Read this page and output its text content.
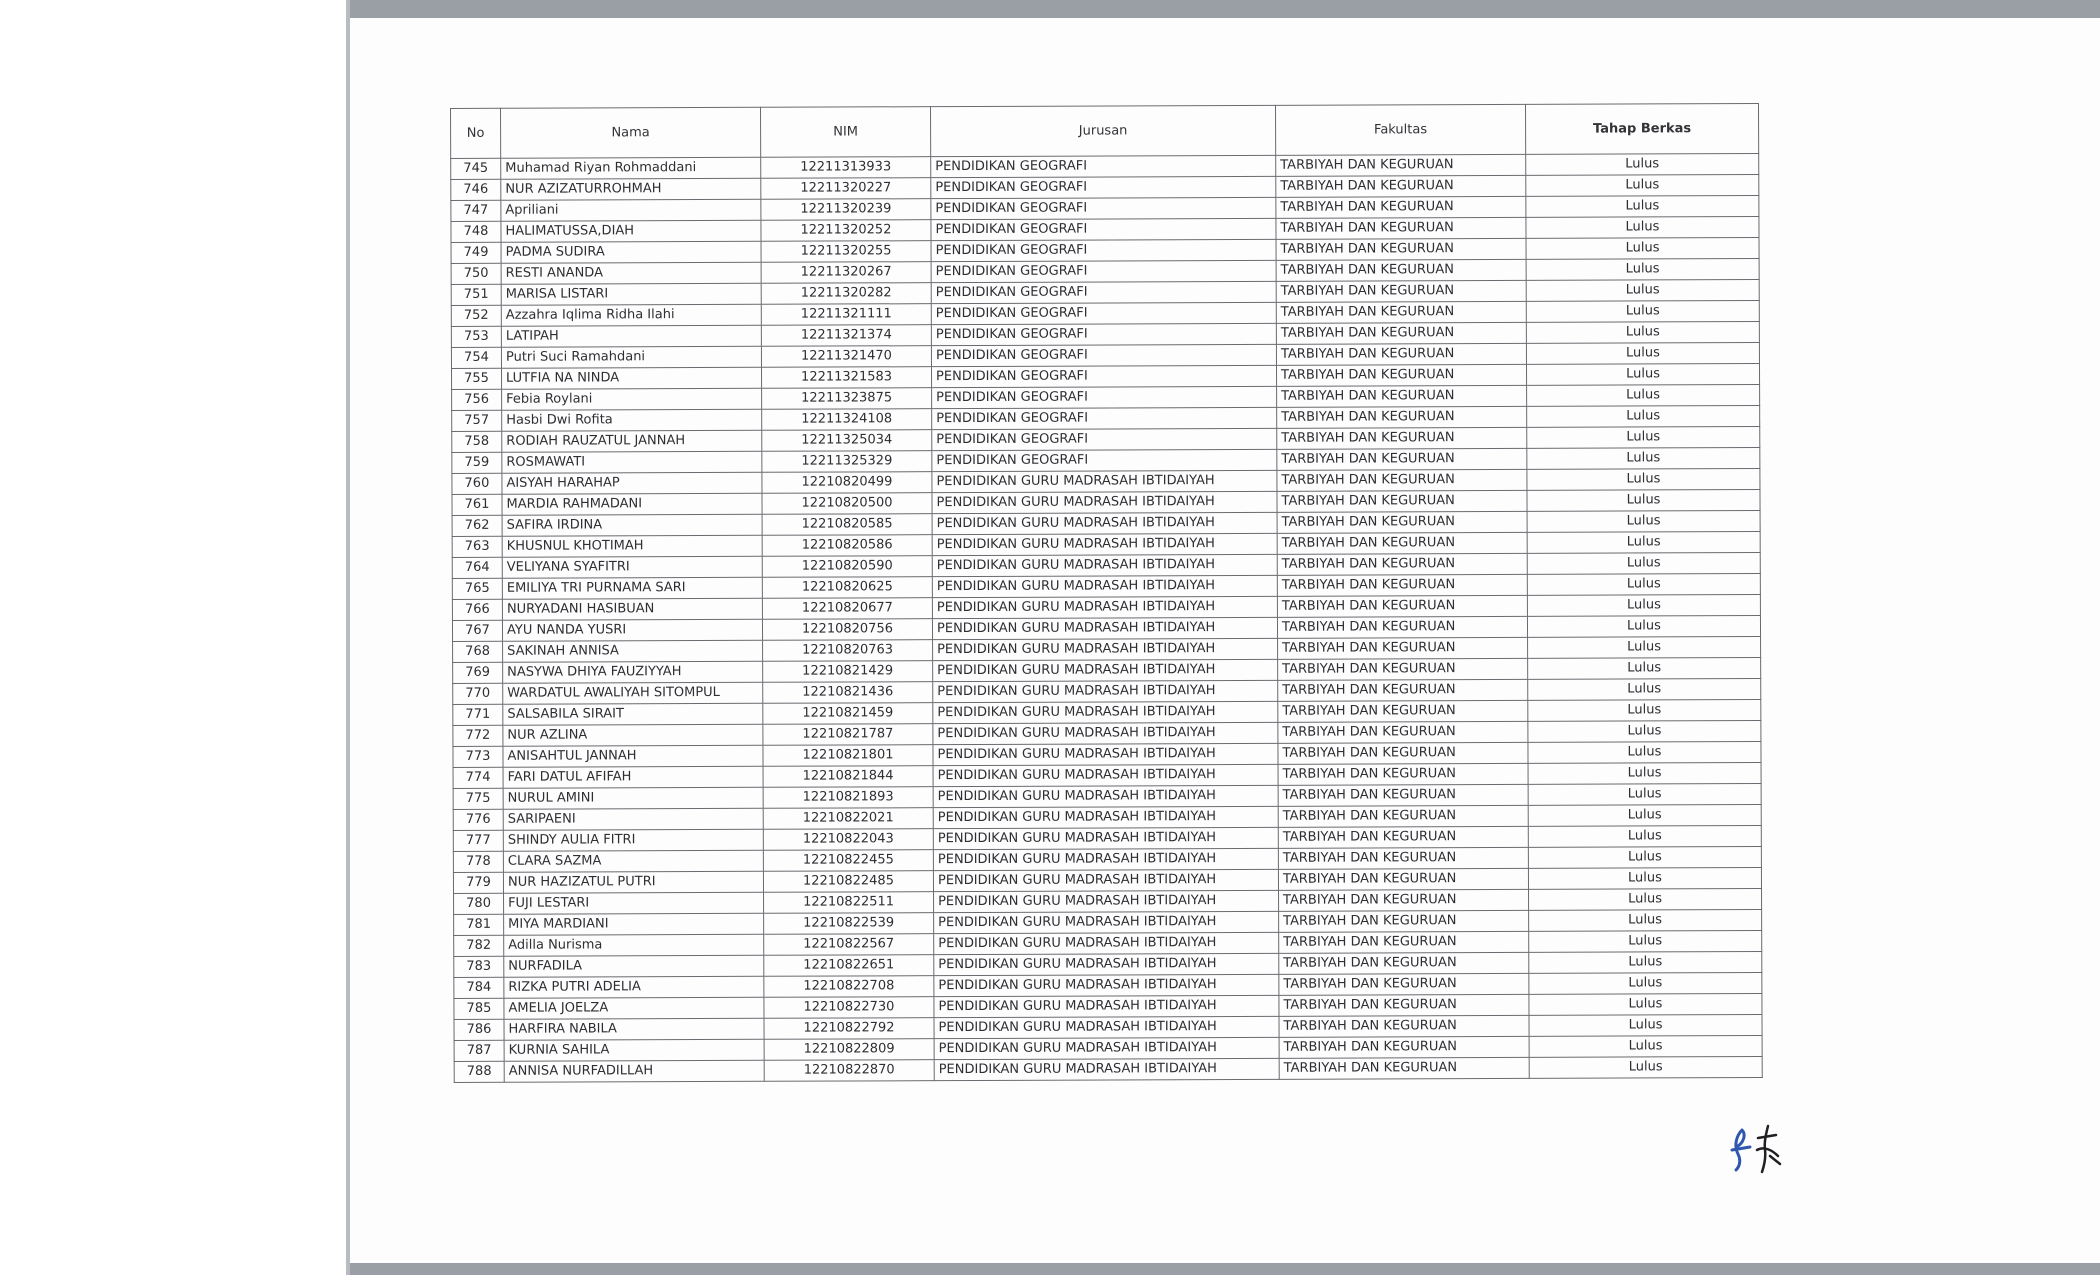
No	Nama	NIM	Jurusan	Fakultas	Tahap Berkas
745	Muhamad Riyan Rohmaddani	12211313933	PENDIDIKAN GEOGRAFI	TARBIYAH DAN KEGURUAN	Lulus
746	NUR AZIZATURROHMAH	12211320227	PENDIDIKAN GEOGRAFI	TARBIYAH DAN KEGURUAN	Lulus
747	Apriliani	12211320239	PENDIDIKAN GEOGRAFI	TARBIYAH DAN KEGURUAN	Lulus
748	HALIMATUSSA,DIAH	12211320252	PENDIDIKAN GEOGRAFI	TARBIYAH DAN KEGURUAN	Lulus
749	PADMA SUDIRA	12211320255	PENDIDIKAN GEOGRAFI	TARBIYAH DAN KEGURUAN	Lulus
750	RESTI ANANDA	12211320267	PENDIDIKAN GEOGRAFI	TARBIYAH DAN KEGURUAN	Lulus
751	MARISA LISTARI	12211320282	PENDIDIKAN GEOGRAFI	TARBIYAH DAN KEGURUAN	Lulus
752	Azzahra Iqlima Ridha Ilahi	12211321111	PENDIDIKAN GEOGRAFI	TARBIYAH DAN KEGURUAN	Lulus
753	LATIPAH	12211321374	PENDIDIKAN GEOGRAFI	TARBIYAH DAN KEGURUAN	Lulus
754	Putri Suci Ramahdani	12211321470	PENDIDIKAN GEOGRAFI	TARBIYAH DAN KEGURUAN	Lulus
755	LUTFIA NA NINDA	12211321583	PENDIDIKAN GEOGRAFI	TARBIYAH DAN KEGURUAN	Lulus
756	Febia Roylani	12211323875	PENDIDIKAN GEOGRAFI	TARBIYAH DAN KEGURUAN	Lulus
757	Hasbi Dwi Rofita	12211324108	PENDIDIKAN GEOGRAFI	TARBIYAH DAN KEGURUAN	Lulus
758	RODIAH RAUZATUL JANNAH	12211325034	PENDIDIKAN GEOGRAFI	TARBIYAH DAN KEGURUAN	Lulus
759	ROSMAWATI	12211325329	PENDIDIKAN GEOGRAFI	TARBIYAH DAN KEGURUAN	Lulus
760	AISYAH HARAHAP	12210820499	PENDIDIKAN GURU MADRASAH IBTIDAIYAH	TARBIYAH DAN KEGURUAN	Lulus
761	MARDIA RAHMADANI	12210820500	PENDIDIKAN GURU MADRASAH IBTIDAIYAH	TARBIYAH DAN KEGURUAN	Lulus
762	SAFIRA IRDINA	12210820585	PENDIDIKAN GURU MADRASAH IBTIDAIYAH	TARBIYAH DAN KEGURUAN	Lulus
763	KHUSNUL KHOTIMAH	12210820586	PENDIDIKAN GURU MADRASAH IBTIDAIYAH	TARBIYAH DAN KEGURUAN	Lulus
764	VELIYANA SYAFITRI	12210820590	PENDIDIKAN GURU MADRASAH IBTIDAIYAH	TARBIYAH DAN KEGURUAN	Lulus
765	EMILIYA TRI PURNAMA SARI	12210820625	PENDIDIKAN GURU MADRASAH IBTIDAIYAH	TARBIYAH DAN KEGURUAN	Lulus
766	NURYADANI HASIBUAN	12210820677	PENDIDIKAN GURU MADRASAH IBTIDAIYAH	TARBIYAH DAN KEGURUAN	Lulus
767	AYU NANDA YUSRI	12210820756	PENDIDIKAN GURU MADRASAH IBTIDAIYAH	TARBIYAH DAN KEGURUAN	Lulus
768	SAKINAH ANNISA	12210820763	PENDIDIKAN GURU MADRASAH IBTIDAIYAH	TARBIYAH DAN KEGURUAN	Lulus
769	NASYWA DHIYA FAUZIYYAH	12210821429	PENDIDIKAN GURU MADRASAH IBTIDAIYAH	TARBIYAH DAN KEGURUAN	Lulus
770	WARDATUL AWALIYAH SITOMPUL	12210821436	PENDIDIKAN GURU MADRASAH IBTIDAIYAH	TARBIYAH DAN KEGURUAN	Lulus
771	SALSABILA SIRAIT	12210821459	PENDIDIKAN GURU MADRASAH IBTIDAIYAH	TARBIYAH DAN KEGURUAN	Lulus
772	NUR AZLINA	12210821787	PENDIDIKAN GURU MADRASAH IBTIDAIYAH	TARBIYAH DAN KEGURUAN	Lulus
773	ANISAHTUL JANNAH	12210821801	PENDIDIKAN GURU MADRASAH IBTIDAIYAH	TARBIYAH DAN KEGURUAN	Lulus
774	FARI DATUL AFIFAH	12210821844	PENDIDIKAN GURU MADRASAH IBTIDAIYAH	TARBIYAH DAN KEGURUAN	Lulus
775	NURUL AMINI	12210821893	PENDIDIKAN GURU MADRASAH IBTIDAIYAH	TARBIYAH DAN KEGURUAN	Lulus
776	SARIPAENI	12210822021	PENDIDIKAN GURU MADRASAH IBTIDAIYAH	TARBIYAH DAN KEGURUAN	Lulus
777	SHINDY AULIA FITRI	12210822043	PENDIDIKAN GURU MADRASAH IBTIDAIYAH	TARBIYAH DAN KEGURUAN	Lulus
778	CLARA SAZMA	12210822455	PENDIDIKAN GURU MADRASAH IBTIDAIYAH	TARBIYAH DAN KEGURUAN	Lulus
779	NUR HAZIZATUL PUTRI	12210822485	PENDIDIKAN GURU MADRASAH IBTIDAIYAH	TARBIYAH DAN KEGURUAN	Lulus
780	FUJI LESTARI	12210822511	PENDIDIKAN GURU MADRASAH IBTIDAIYAH	TARBIYAH DAN KEGURUAN	Lulus
781	MIYA MARDIANI	12210822539	PENDIDIKAN GURU MADRASAH IBTIDAIYAH	TARBIYAH DAN KEGURUAN	Lulus
782	Adilla Nurisma	12210822567	PENDIDIKAN GURU MADRASAH IBTIDAIYAH	TARBIYAH DAN KEGURUAN	Lulus
783	NURFADILA	12210822651	PENDIDIKAN GURU MADRASAH IBTIDAIYAH	TARBIYAH DAN KEGURUAN	Lulus
784	RIZKA PUTRI ADELIA	12210822708	PENDIDIKAN GURU MADRASAH IBTIDAIYAH	TARBIYAH DAN KEGURUAN	Lulus
785	AMELIA JOELZA	12210822730	PENDIDIKAN GURU MADRASAH IBTIDAIYAH	TARBIYAH DAN KEGURUAN	Lulus
786	HARFIRA NABILA	12210822792	PENDIDIKAN GURU MADRASAH IBTIDAIYAH	TARBIYAH DAN KEGURUAN	Lulus
787	KURNIA SAHILA	12210822809	PENDIDIKAN GURU MADRASAH IBTIDAIYAH	TARBIYAH DAN KEGURUAN	Lulus
788	ANNISA NURFADILLAH	12210822870	PENDIDIKAN GURU MADRASAH IBTIDAIYAH	TARBIYAH DAN KEGURUAN	Lulus
